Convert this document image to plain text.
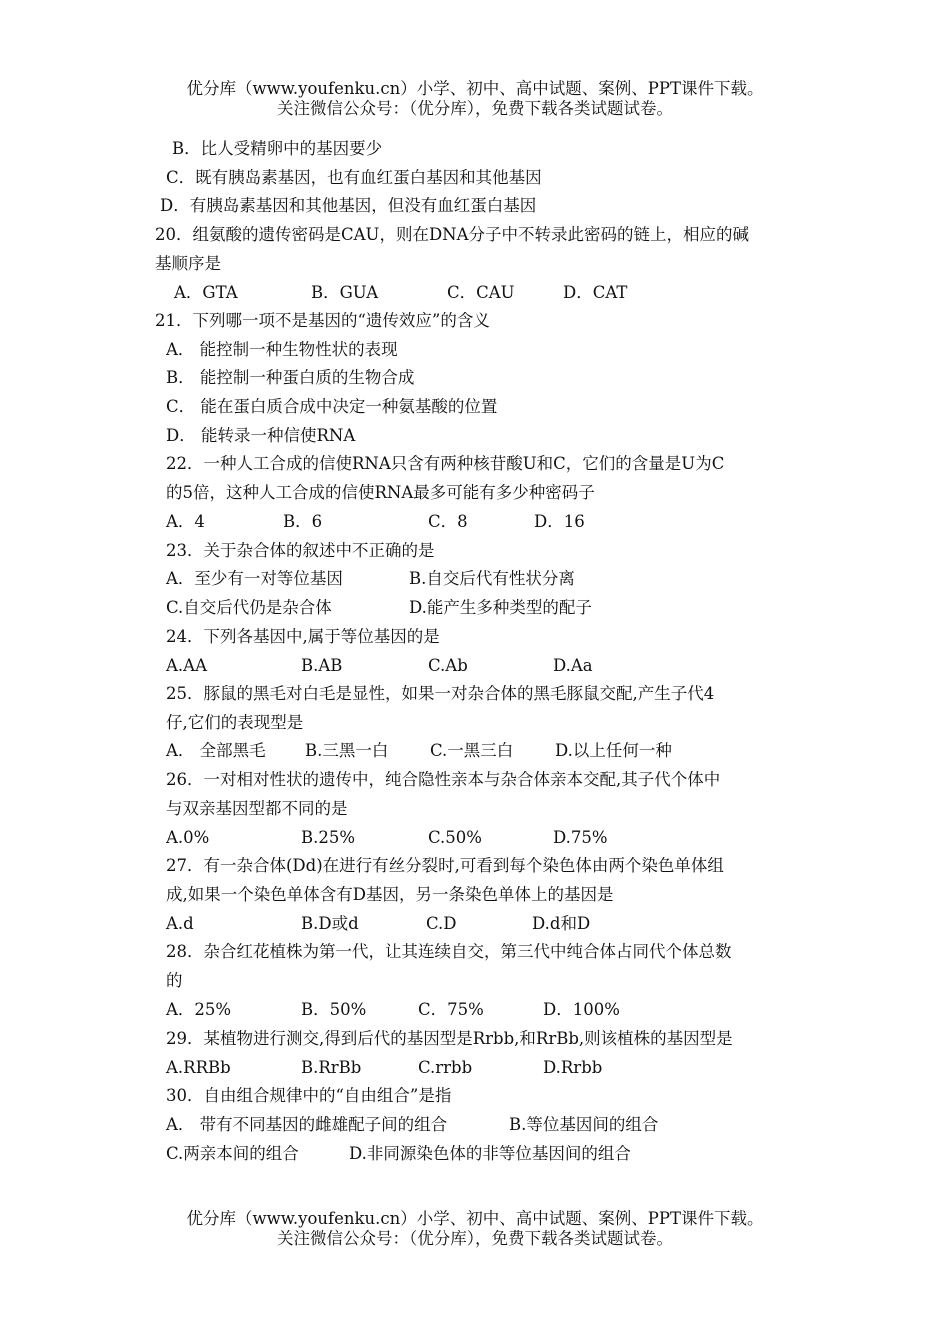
优分库（www.youfenku.cn）小学、初中、高中试题、案例、PPT课件下载。
关注微信公众号：（优分库），免费下载各类试题试卷。
B．比人受精卵中的基因要少
C．既有胰岛素基因，也有血红蛋白基因和其他基因
D．有胰岛素基因和其他基因，但没有血红蛋白基因
20．组氨酸的遗传密码是CAU，则在DNA分子中不转录此密码的链上，相应的碱
基顺序是
A．GTA	B．GUA	C．CAU	D．CAT
21．下列哪一项不是基因的“遗传效应”的含义
A． 能控制一种生物性状的表现
B． 能控制一种蛋白质的生物合成
C． 能在蛋白质合成中决定一种氨基酸的位置
D． 能转录一种信使RNA
22．一种人工合成的信使RNA只含有两种核苷酸U和C，它们的含量是U为C
的5倍，这种人工合成的信使RNA最多可能有多少种密码子
A．4	B．6	C．8	D．16
23．关于杂合体的叙述中不正确的是
A．至少有一对等位基因	B.自交后代有性状分离
C.自交后代仍是杂合体	D.能产生多种类型的配子
24．下列各基因中,属于等位基因的是
A.AA	B.AB	C.Ab	D.Aa
25．豚鼠的黑毛对白毛是显性，如果一对杂合体的黑毛豚鼠交配,产生子代4
仔,它们的表现型是
A． 全部黑毛 B.三黑一白	C.一黑三白	D.以上任何一种
26．一对相对性状的遗传中，纯合隐性亲本与杂合体亲本交配,其子代个体中
与双亲基因型都不同的是
A.0%	B.25%	C.50%	D.75%
27．有一杂合体(Dd)在进行有丝分裂时,可看到每个染色体由两个染色单体组
成,如果一个染色单体含有D基因，另一条染色单体上的基因是
A.d	B.D或d	C.D	D.d和D
28．杂合红花植株为第一代，让其连续自交，第三代中纯合体占同代个体总数
的
A．25%	B．50%	C．75%	D．100%
29．某植物进行测交,得到后代的基因型是Rrbb,和RrBb,则该植株的基因型是
A.RRBb	B.RrBb	C.rrbb	D.Rrbb
30．自由组合规律中的“自由组合”是指
A． 带有不同基因的雌雄配子间的组合	B.等位基因间的组合
C.两亲本间的组合	D.非同源染色体的非等位基因间的组合
优分库（www.youfenku.cn）小学、初中、高中试题、案例、PPT课件下载。
关注微信公众号：（优分库），免费下载各类试题试卷。
